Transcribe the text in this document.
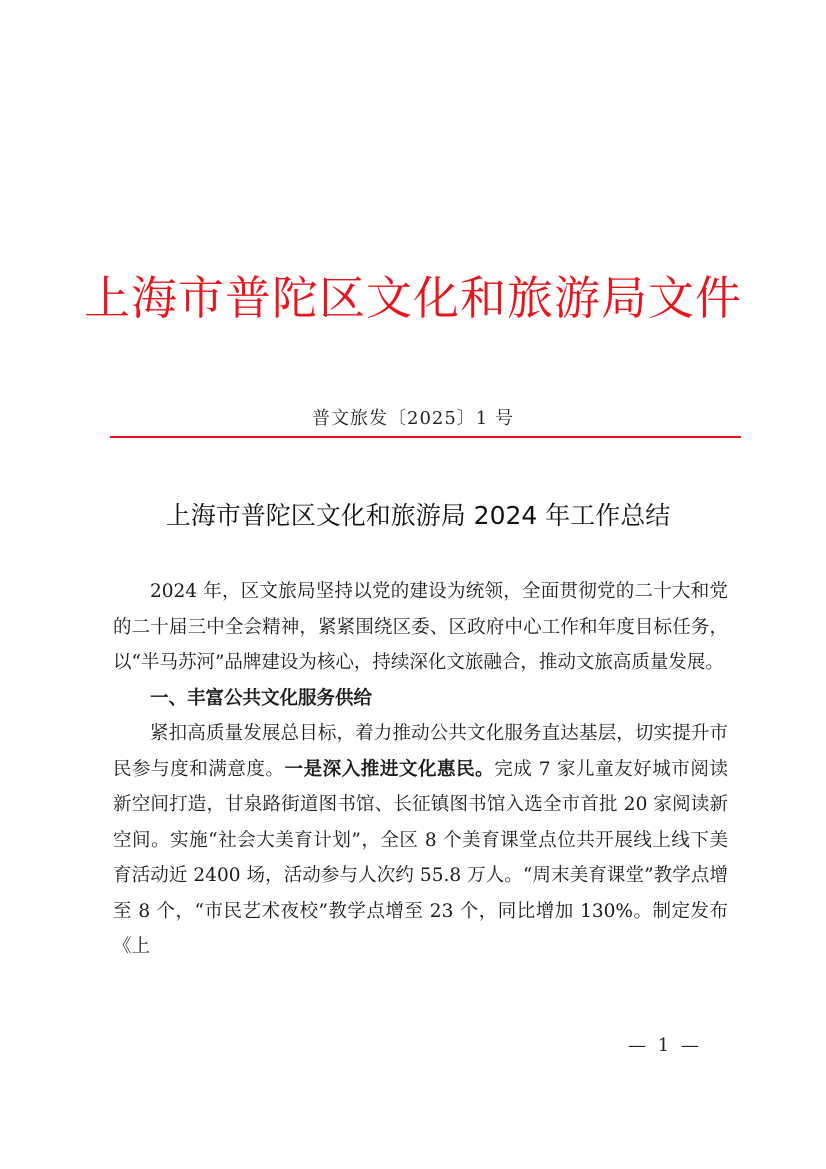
上海市普陀区文化和旅游局文件
普文旅发〔2025〕1 号
上海市普陀区文化和旅游局 2024 年工作总结

2024 年，区文旅局坚持以党的建设为统领，全面贯彻党的二十大和党的二十届三中全会精神，紧紧围绕区委、区政府中心工作和年度目标任务，以“半马苏河”品牌建设为核心，持续深化文旅融合，推动文旅高质量发展。

一、丰富公共文化服务供给

紧扣高质量发展总目标，着力推动公共文化服务直达基层，切实提升市民参与度和满意度。一是深入推进文化惠民。完成 7 家儿童友好城市阅读新空间打造，甘泉路街道图书馆、长征镇图书馆入选全市首批 20 家阅读新空间。实施“社会大美育计划”，全区 8 个美育课堂点位共开展线上线下美育活动近 2400 场，活动参与人次约 55.8 万人。“周末美育课堂”教学点增至 8 个，“市民艺术夜校”教学点增至 23 个，同比增加 130%。制定发布《上

— 1 —
